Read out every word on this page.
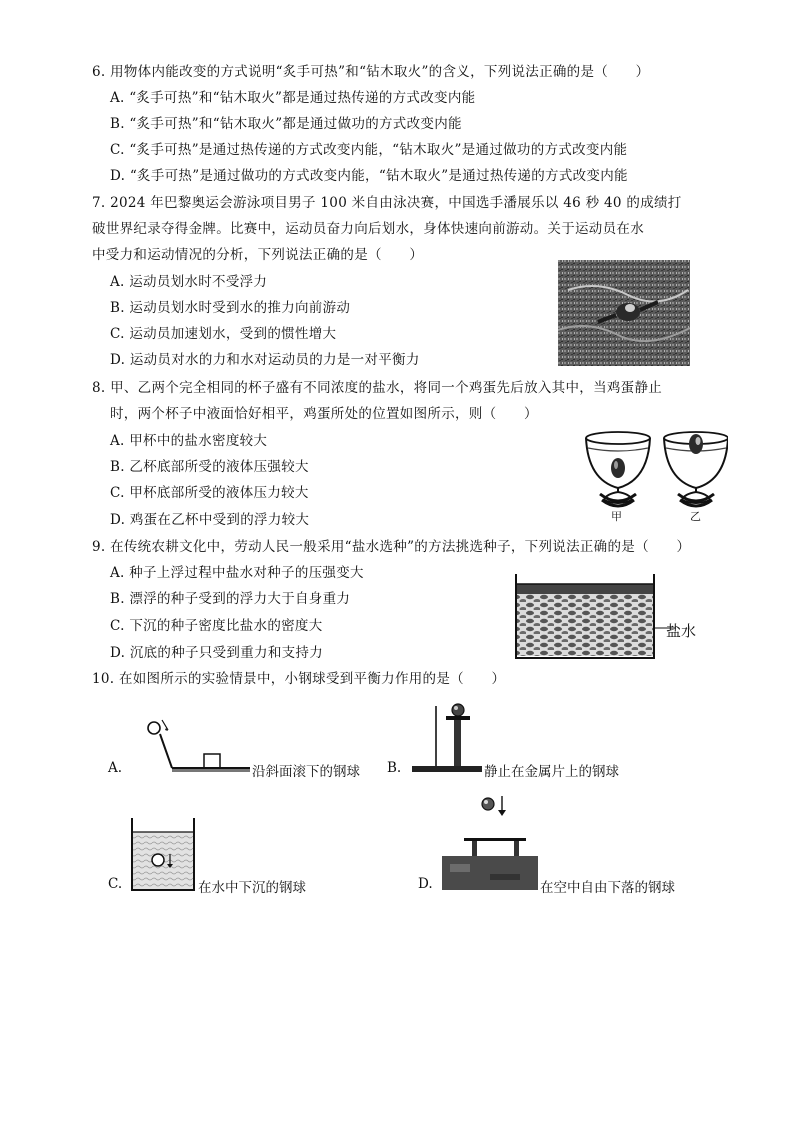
6. 用物体内能改变的方式说明“炙手可热”和“钻木取火”的含义，下列说法正确的是（　　）
A. “炙手可热”和“钻木取火”都是通过热传递的方式改变内能
B. “炙手可热”和“钻木取火”都是通过做功的方式改变内能
C. “炙手可热”是通过热传递的方式改变内能，“钻木取火”是通过做功的方式改变内能
D. “炙手可热”是通过做功的方式改变内能，“钻木取火”是通过热传递的方式改变内能
7. 2024 年巴黎奥运会游泳项目男子 100 米自由泳决赛，中国选手潘展乐以 46 秒 40 的成绩打
破世界纪录夺得金牌。比赛中，运动员奋力向后划水，身体快速向前游动。关于运动员在水
中受力和运动情况的分析，下列说法正确的是（　　）
A. 运动员划水时不受浮力
B. 运动员划水时受到水的推力向前游动
C. 运动员加速划水，受到的惯性增大
D. 运动员对水的力和水对运动员的力是一对平衡力
8. 甲、乙两个完全相同的杯子盛有不同浓度的盐水，将同一个鸡蛋先后放入其中，当鸡蛋静止
时，两个杯子中液面恰好相平，鸡蛋所处的位置如图所示，则（　　）
A. 甲杯中的盐水密度较大
B. 乙杯底部所受的液体压强较大
C. 甲杯底部所受的液体压力较大
D. 鸡蛋在乙杯中受到的浮力较大	甲	乙
9. 在传统农耕文化中，劳动人民一般采用“盐水选种”的方法挑选种子，下列说法正确的是（　　）
A. 种子上浮过程中盐水对种子的压强变大
B. 漂浮的种子受到的浮力大于自身重力
C. 下沉的种子密度比盐水的密度大
D. 沉底的种子只受到重力和支持力
盐水
10. 在如图所示的实验情景中，小钢球受到平衡力作用的是（　　）
A.	沿斜面滚下的钢球 B.	静止在金属片上的钢球
C.	在水中下沉的钢球	D.	在空中自由下落的钢球
